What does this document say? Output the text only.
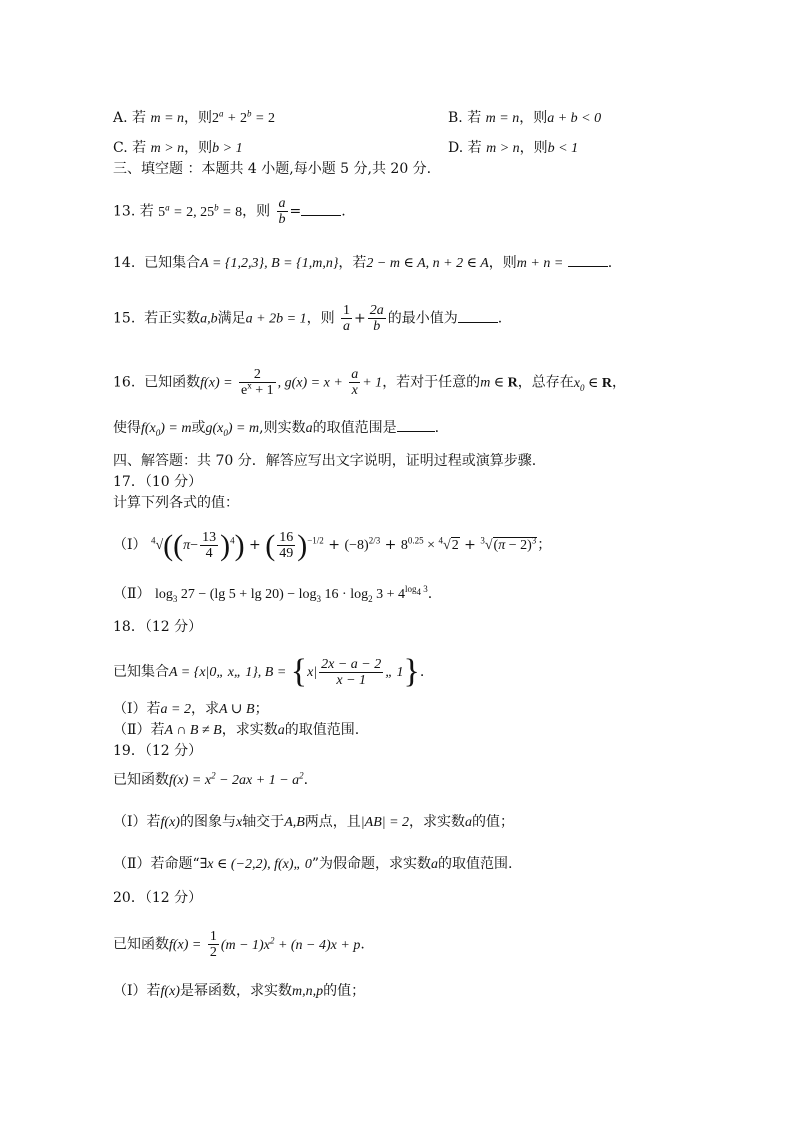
A. 若 m = n，则$2^a + 2^b = 2$	B. 若 m = n，则a + b < 0
C. 若 m > n，则b > 1	D. 若 m > n，则b < 1
三、填空题 ：本题共 4 小题,每小题 5 分,共 20 分.
13. 若 $5^a = 2$, $25^b = 8$，则 $\frac{a}{b}$ =	.
14. 已知集合A = {1,2,3}, B = {1,m,n}，若2 − m ∈ A, n + 2 ∈ A，则m + n =	.
15. 若正实数a,b满足a + 2b = 1，则 $\frac{1}{a} + \frac{2a}{b}$ 的最小值为	.
16. 已知函数$f(x) = \frac{2}{e^x + 1}$ , $g(x) = x + \frac{a}{x} + 1$，若对于任意的m ∈ R，总存在$x_0$ ∈ R，
使得$f(x_0) = m$或$g(x_0) = m$,则实数a的取值范围是	.
四、解答题：共 70 分．解答应写出文字说明，证明过程或演算步骤.
17．（10 分）
计算下列各式的值：
（Ⅰ） $^4√((\pi- \frac{13}{4} )^4)$ + ( $\frac{16}{49} )^{-1/2} + (-8)^{2/3} + 8^{0.25} \times ^4√2 + ^3√(\pi - 2)^3$；
（Ⅱ） $\log_3 27 - (\lg$ $5 + \lg 20) - \log_3 16 \cdot \log_2 3 + 4^{log_4 3}$.
18．（12 分）
已知集合A = {x|0„ x„ 1}, $B = \{x| \frac{2x - a - 2}{x - 1}$ „ 1}.
（Ⅰ）若a = 2，求A ∪ B；
（Ⅱ）若A ∩ B ≠ B，求实数a的取值范围.
19．（12 分）
已知函数$f(x) = x^2 - 2ax + 1 - a^2$.
（Ⅰ）若f(x)的图象与x轴交于A,B两点，且|AB| = 2，求实数a的值；
（Ⅱ）若命题“∃x ∈ (−2,2), f(x)„ 0”为假命题，求实数a的取值范围.
20．（12 分）
已知函数$f(x) = \frac{1}{2} (m - 1)x^2 + (n - 4)x + p$.
（Ⅰ）若f(x)是幂函数，求实数m,n,p的值；
